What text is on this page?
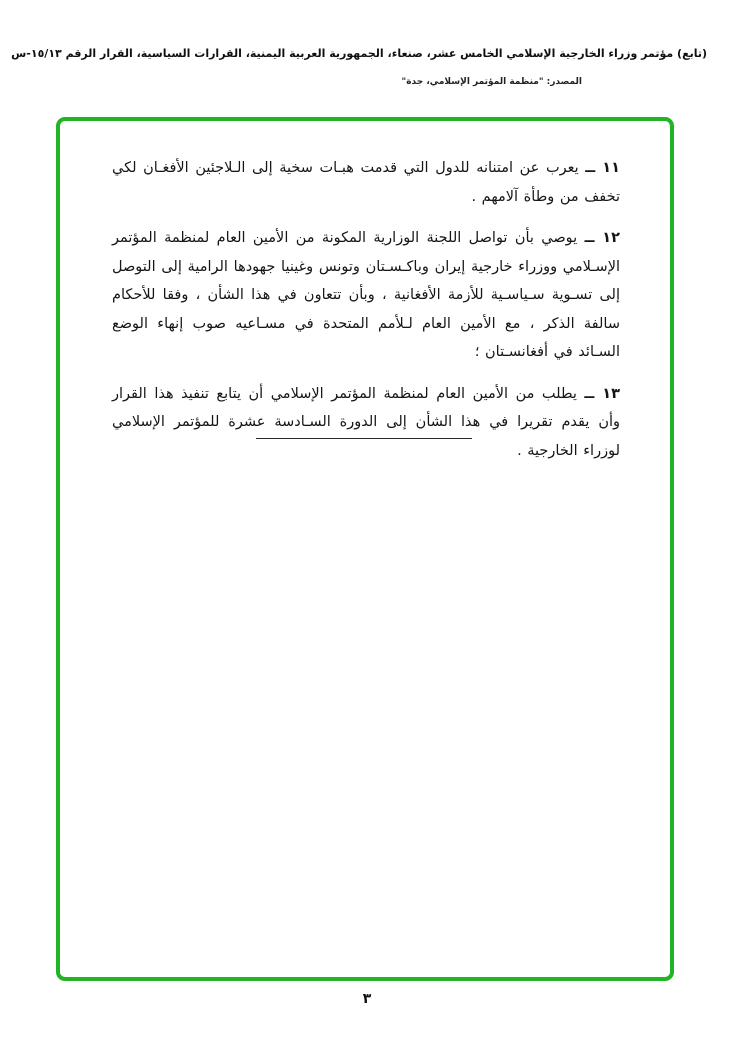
(تابع) مؤتمر وزراء الخارجية الإسلامي الخامس عشر، صنعاء، الجمهورية العربية اليمنية، القرارات السياسية، القرار الرقم ١٥/١٣-س
المصدر: "منظمة المؤتمر الإسلامي، جدة"
١١ ــ يعرب عن امتنانه للدول التي قدمت هبـات سخية إلى الـلاجئين الأفغـان لكي تخفف من وطأة آلامهم .
١٢ ــ يوصي بأن تواصل اللجنة الوزارية المكونة من الأمين العام لمنظمة المؤتمر الإسـلامي ووزراء خارجية إيران وباكـسـتان وتونس وغينيا جهودها الرامية إلى التوصل إلى تسـوية سـياسـية للأزمة الأفغانية ، وبأن تتعاون في هذا الشأن ، وفقا للأحكام سالفة الذكر ، مع الأمين العام لـلأمم المتحدة في مسـاعيه صوب إنهاء الوضع السـائد في أفغانسـتان ؛
١٣ ــ يطلب من الأمين العام لمنظمة المؤتمر الإسلامي أن يتابع تنفيذ هذا القرار وأن يقدم تقريرا في هذا الشأن إلى الدورة السـادسة عشرة للمؤتمر الإسلامي لوزراء الخارجية .
٣
